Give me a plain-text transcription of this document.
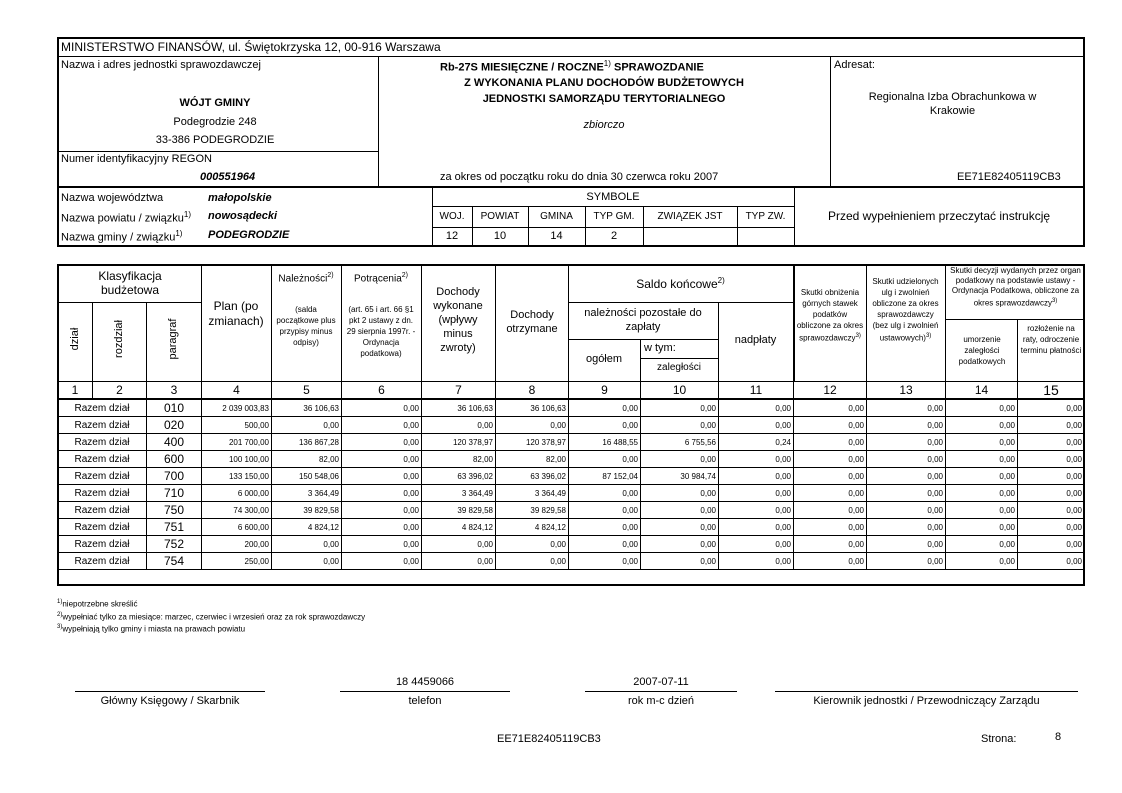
MINISTERSTWO FINANSÓW, ul. Świętokrzyska 12, 00-916 Warszawa
Nazwa i adres jednostki sprawozdawczej
WÓJT GMINY
Podegrodzie 248
33-386 PODEGRODZIE
Numer identyfikacyjny REGON
000551964
Rb-27S MIESIĘCZNE / ROCZNE$^{1)}$ SPRAWOZDANIE
Z WYKONANIA PLANU DOCHODÓW BUDŻETOWYCH
JEDNOSTKI SAMORZĄDU TERYTORIALNEGO
zbiorczo
za okres od początku roku do dnia 30 czerwca roku 2007
Adresat:
Regionalna Izba Obrachunkowa w Krakowie
EE71E82405119CB3
Nazwa województwa	małopolskie
Nazwa powiatu / związku$^{1)}$ nowosądecki
Nazwa gminy / związku$^{1)}$ PODEGRODZIE
SYMBOLE
WOJ.	POWIAT	GMINA	TYP GM.	ZWIĄZEK JST	TYP ZW.
12	10	14	2
Przed wypełnieniem przeczytać instrukcję
Klasyfikacja budżetowa
dział	rozdział	paragraf
Plan (po zmianach)
Należności$^{2)}$
(salda początkowe plus przypisy minus odpisy)
Potrącenia$^{2)}$
(art. 65 i art. 66 §1 pkt 2 ustawy z dn. 29 sierpnia 1997r. - Ordynacja podatkowa)
Dochody wykonane (wpływy minus zwroty)
Dochody otrzymane
Saldo końcowe$^{2)}$
należności pozostałe do zapłaty
ogółem
w tym:
zaległości
nadpłaty
Skutki obniżenia górnych stawek podatków obliczone za okres sprawozdawczy$^{3)}$
Skutki udzielonych ulg i zwolnień obliczone za okres sprawozdawczy (bez ulg i zwolnień ustawowych)$^{3)}$
Skutki decyzji wydanych przez organ podatkowy na podstawie ustawy - Ordynacja Podatkowa, obliczone za okres sprawozdawczy$^{3)}$
umorzenie zaległości podatkowych
rozłożenie na raty, odroczenie terminu płatności
1	2	3	4	5	6	7	8	9	10	11	12	13	14	15
Razem dział	010	2 039 003,83	36 106,63	0,00	36 106,63	36 106,63	0,00	0,00	0,00	0,00	0,00	0,00	0,00
Razem dział	020	500,00	0,00	0,00	0,00	0,00	0,00	0,00	0,00	0,00	0,00	0,00	0,00
Razem dział	400	201 700,00	136 867,28	0,00	120 378,97	120 378,97	16 488,55	6 755,56	0,24	0,00	0,00	0,00	0,00
Razem dział	600	100 100,00	82,00	0,00	82,00	82,00	0,00	0,00	0,00	0,00	0,00	0,00	0,00
Razem dział	700	133 150,00	150 548,06	0,00	63 396,02	63 396,02	87 152,04	30 984,74	0,00	0,00	0,00	0,00	0,00
Razem dział	710	6 000,00	3 364,49	0,00	3 364,49	3 364,49	0,00	0,00	0,00	0,00	0,00	0,00	0,00
Razem dział	750	74 300,00	39 829,58	0,00	39 829,58	39 829,58	0,00	0,00	0,00	0,00	0,00	0,00	0,00
Razem dział	751	6 600,00	4 824,12	0,00	4 824,12	4 824,12	0,00	0,00	0,00	0,00	0,00	0,00	0,00
Razem dział	752	200,00	0,00	0,00	0,00	0,00	0,00	0,00	0,00	0,00	0,00	0,00	0,00
Razem dział	754	250,00	0,00	0,00	0,00	0,00	0,00	0,00	0,00	0,00	0,00	0,00	0,00
$^{1)}$niepotrzebne skreślić
$^{2)}$wypełniać tylko za miesiące: marzec, czerwiec i wrzesień oraz za rok sprawozdawczy
$^{3)}$wypełniają tylko gminy i miasta na prawach powiatu
Główny Księgowy / Skarbnik
18 4459066
telefon
2007-07-11
rok m-c dzień	Kierownik jednostki / Przewodniczący Zarządu
EE71E82405119CB3	Strona:	8
